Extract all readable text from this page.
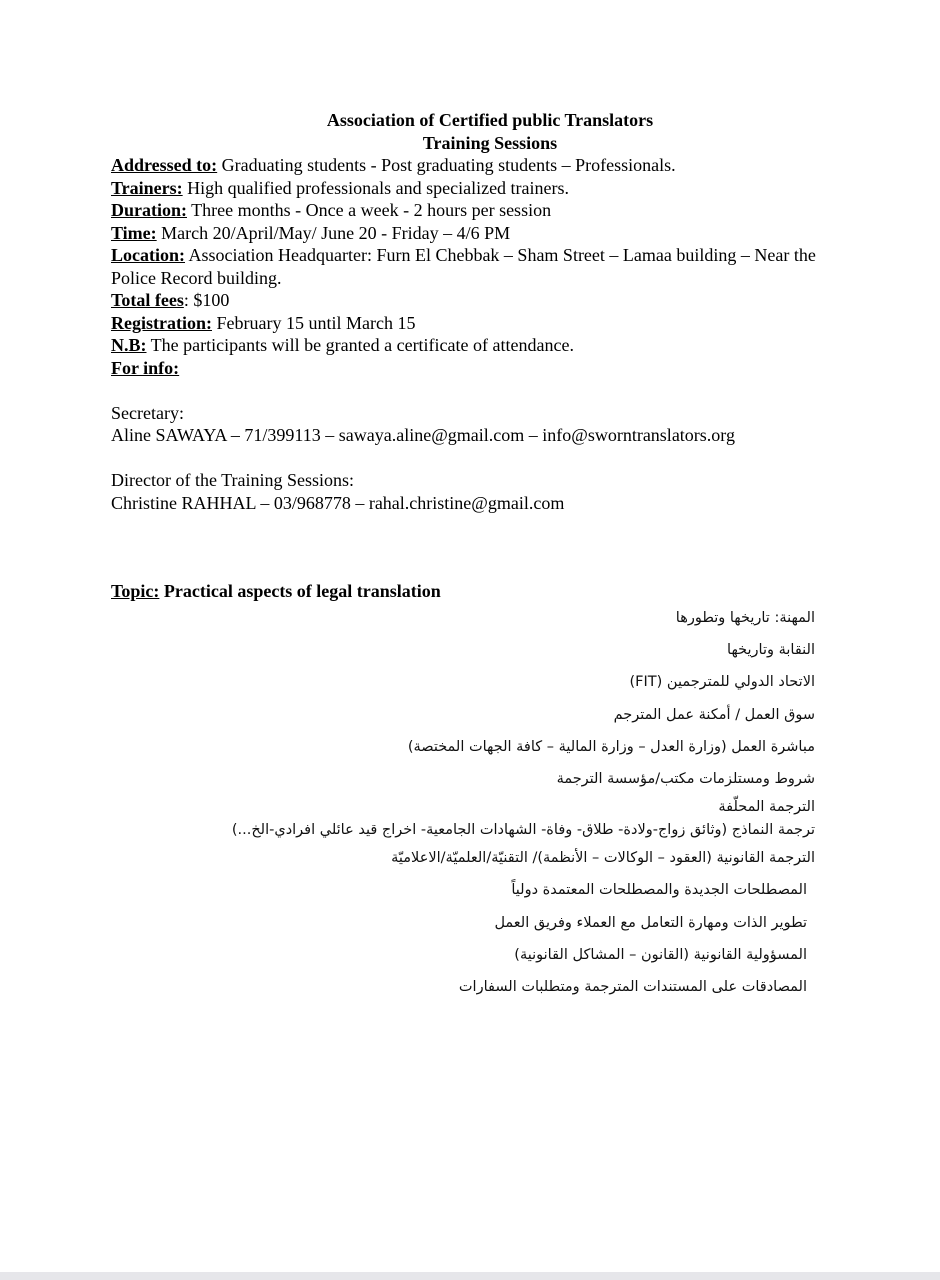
Association of Certified public Translators
Training Sessions

Addressed to: Graduating students - Post graduating students – Professionals.

Trainers: High qualified professionals and specialized trainers.

Duration: Three months - Once a week - 2 hours per session

Time: March 20/April/May/ June 20 - Friday – 4/6 PM

Location: Association Headquarter: Furn El Chebbak – Sham Street – Lamaa building – Near the Police Record building.

Total fees: $100

Registration: February 15 until March 15

N.B: The participants will be granted a certificate of attendance.

For info:

Secretary:

Aline SAWAYA – 71/399113 – sawaya.aline@gmail.com – info@sworntranslators.org

Director of the Training Sessions:

Christine RAHHAL – 03/968778 – rahal.christine@gmail.com

Topic: Practical aspects of legal translation
المهنة: تاريخها وتطورها
النقابة وتاريخها
الاتحاد الدولي للمترجمين (FIT)
سوق العمل / أمكنة عمل المترجم
مباشرة العمل (وزارة العدل – وزارة المالية – كافة الجهات المختصة)
شروط ومستلزمات مكتب/مؤسسة الترجمة
الترجمة المحلّفة
ترجمة النماذج (وثائق زواج-ولادة- طلاق- وفاة- الشهادات الجامعية- اخراج قيد عائلي افرادي-الخ...)
الترجمة القانونية (العقود – الوكالات – الأنظمة)/ التقنيّة/العلميّة/الاعلاميّة
المصطلحات الجديدة والمصطلحات المعتمدة دولياً
تطوير الذات ومهارة التعامل مع العملاء وفريق العمل
المسؤولية القانونية (القانون – المشاكل القانونية)
المصادقات على المستندات المترجمة ومتطلبات السفارات
